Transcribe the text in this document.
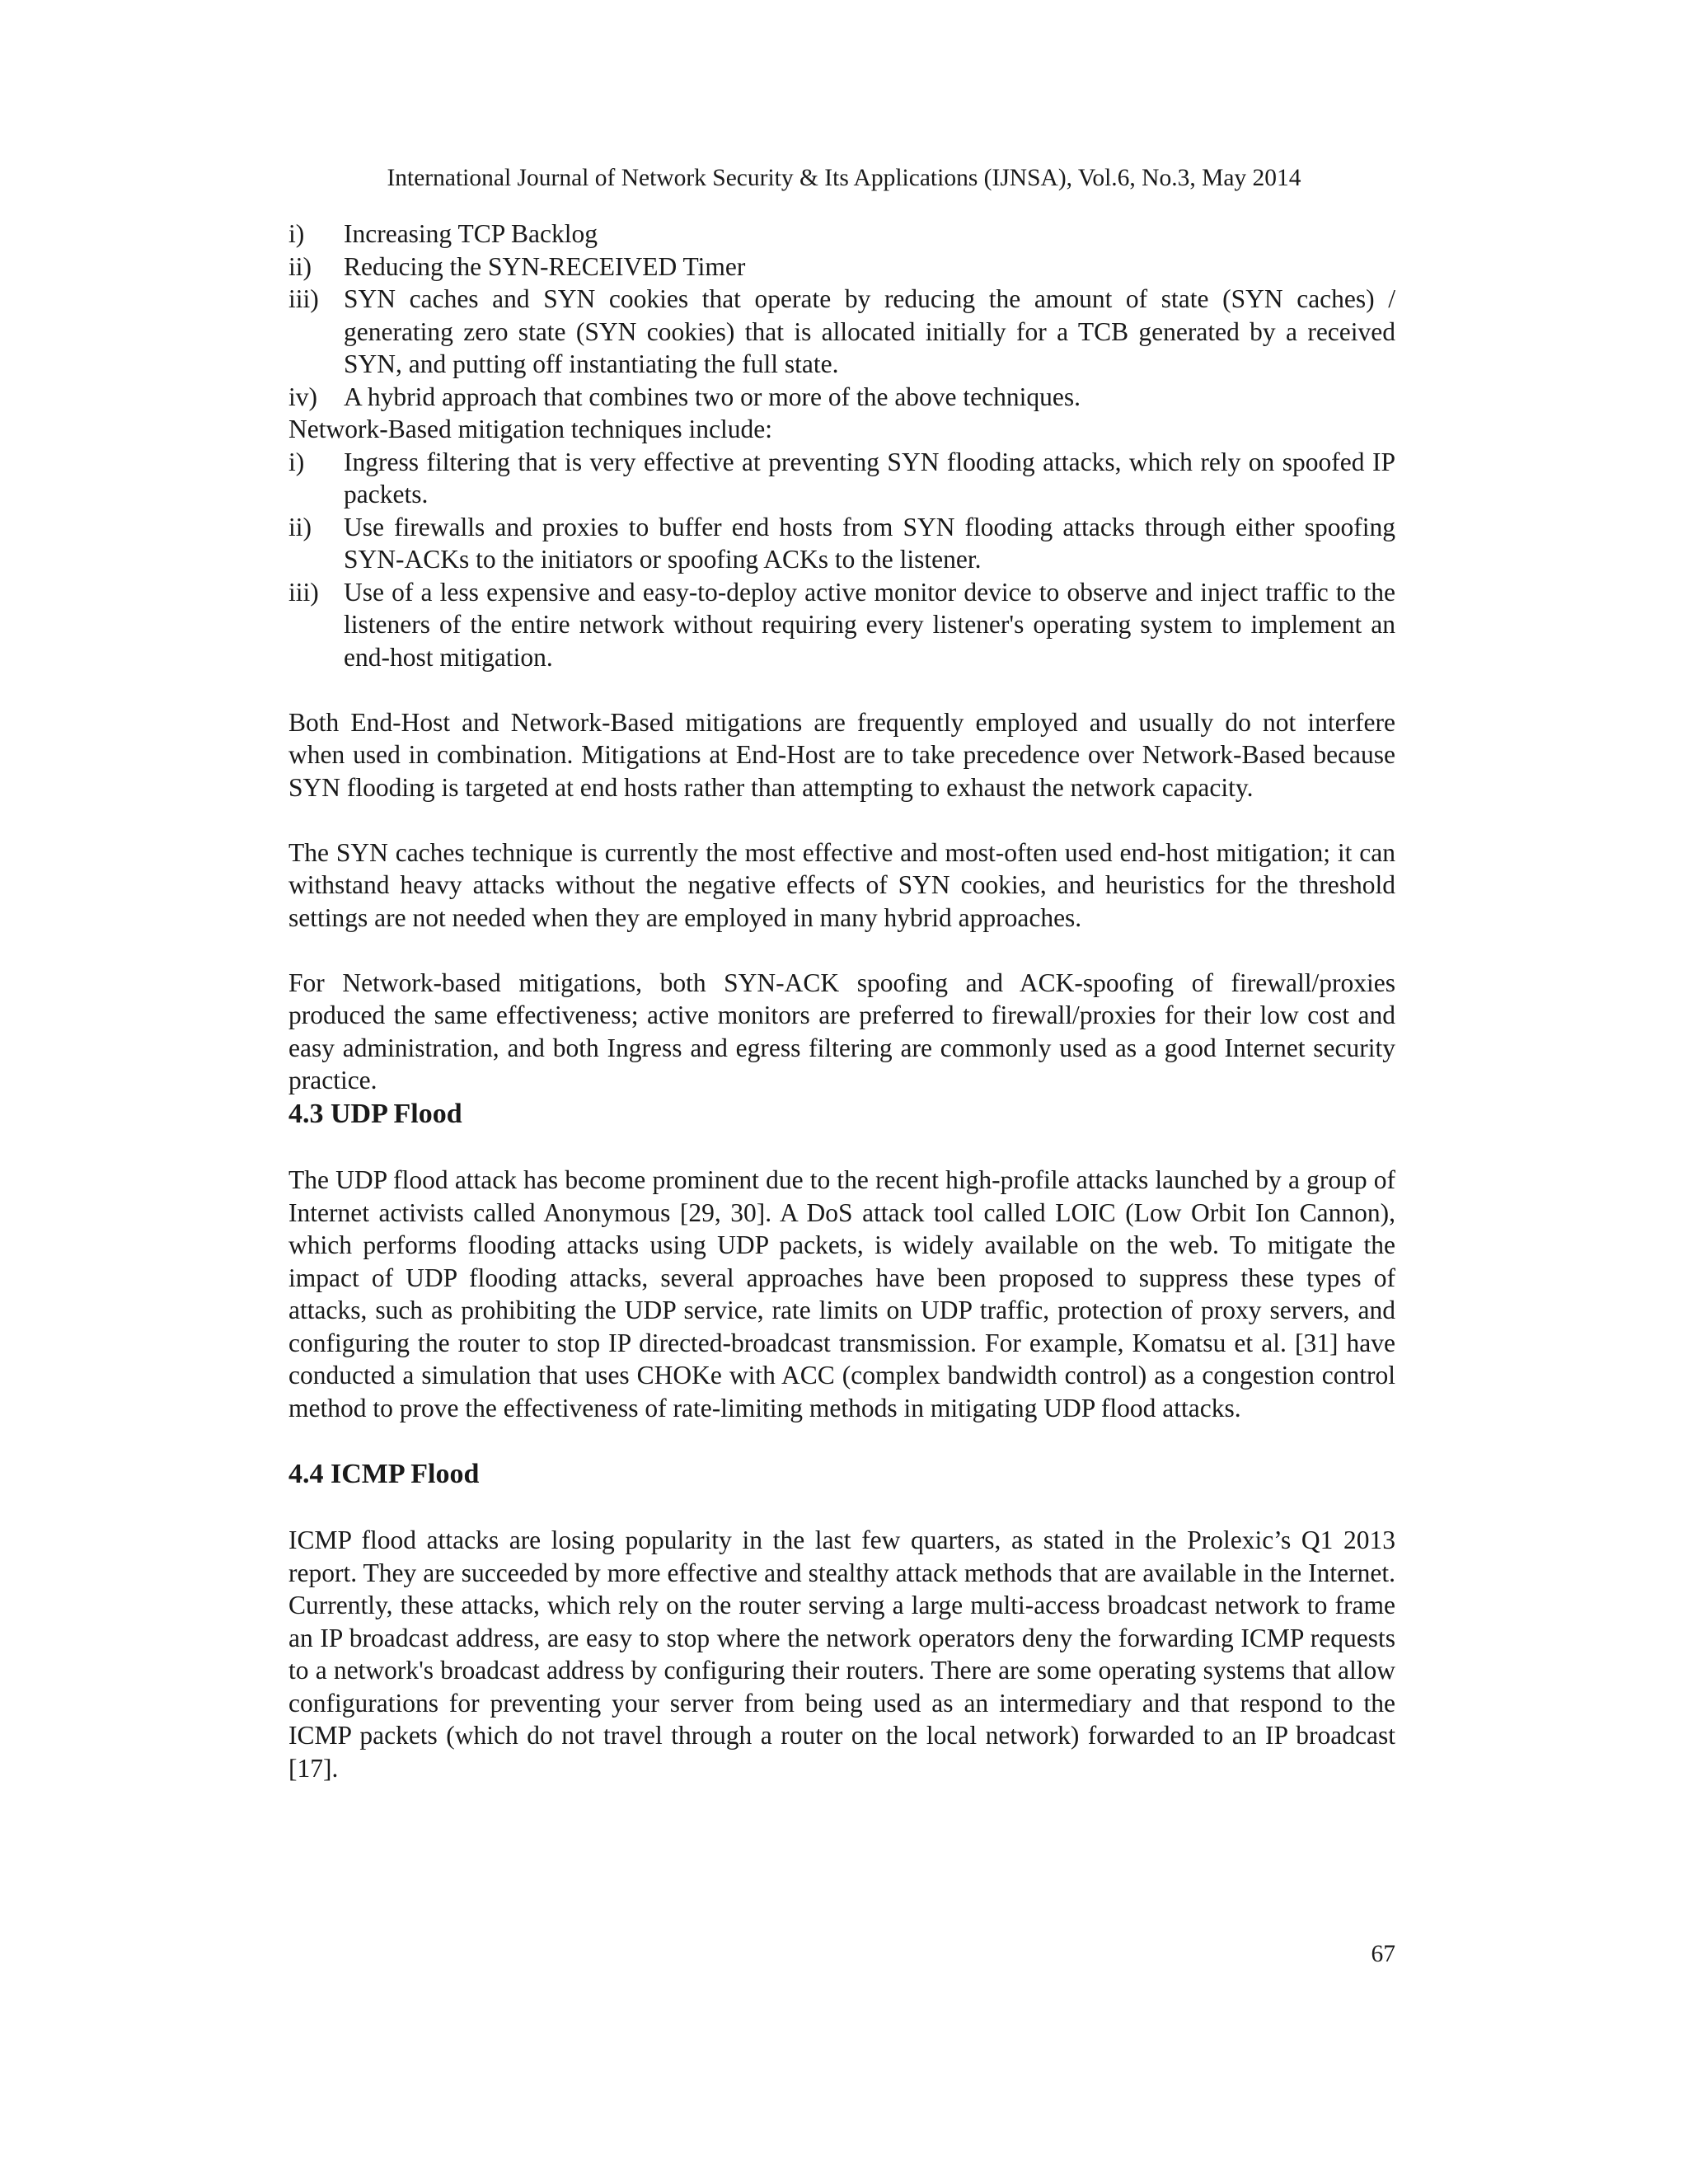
International Journal of Network Security & Its Applications (IJNSA), Vol.6, No.3, May 2014
i)	Increasing TCP Backlog
ii)	Reducing the SYN-RECEIVED Timer
iii) SYN caches and SYN cookies that operate by reducing the amount of state (SYN caches) / generating zero state (SYN cookies) that is allocated initially for a TCB generated by a received SYN, and putting off instantiating the full state.
iv)	A hybrid approach that combines two or more of the above techniques.

Network-Based mitigation techniques include:

i)	Ingress filtering that is very effective at preventing SYN flooding attacks, which rely on spoofed IP packets.
ii)	Use firewalls and proxies to buffer end hosts from SYN flooding attacks through either spoofing SYN-ACKs to the initiators or spoofing ACKs to the listener.
iii) Use of a less expensive and easy-to-deploy active monitor device to observe and inject traffic to the listeners of the entire network without requiring every listener's operating system to implement an end-host mitigation.

Both End-Host and Network-Based mitigations are frequently employed and usually do not interfere when used in combination. Mitigations at End-Host are to take precedence over Network-Based because SYN flooding is targeted at end hosts rather than attempting to exhaust the network capacity.

The SYN caches technique is currently the most effective and most-often used end-host mitigation; it can withstand heavy attacks without the negative effects of SYN cookies, and heuristics for the threshold settings are not needed when they are employed in many hybrid approaches.

For Network-based mitigations, both SYN-ACK spoofing and ACK-spoofing of firewall/proxies produced the same effectiveness; active monitors are preferred to firewall/proxies for their low cost and easy administration, and both Ingress and egress filtering are commonly used as a good Internet security practice.

4.3 UDP Flood

The UDP flood attack has become prominent due to the recent high-profile attacks launched by a group of Internet activists called Anonymous [29, 30]. A DoS attack tool called LOIC (Low Orbit Ion Cannon), which performs flooding attacks using UDP packets, is widely available on the web. To mitigate the impact of UDP flooding attacks, several approaches have been proposed to suppress these types of attacks, such as prohibiting the UDP service, rate limits on UDP traffic, protection of proxy servers, and configuring the router to stop IP directed-broadcast transmission. For example, Komatsu et al. [31] have conducted a simulation that uses CHOKe with ACC (complex bandwidth control) as a congestion control method to prove the effectiveness of rate-limiting methods in mitigating UDP flood attacks.

4.4 ICMP Flood

ICMP flood attacks are losing popularity in the last few quarters, as stated in the Prolexic’s Q1 2013 report. They are succeeded by more effective and stealthy attack methods that are available in the Internet. Currently, these attacks, which rely on the router serving a large multi-access broadcast network to frame an IP broadcast address, are easy to stop where the network operators deny the forwarding ICMP requests to a network's broadcast address by configuring their routers. There are some operating systems that allow configurations for preventing your server from being used as an intermediary and that respond to the ICMP packets (which do not travel through a router on the local network) forwarded to an IP broadcast [17].

67
